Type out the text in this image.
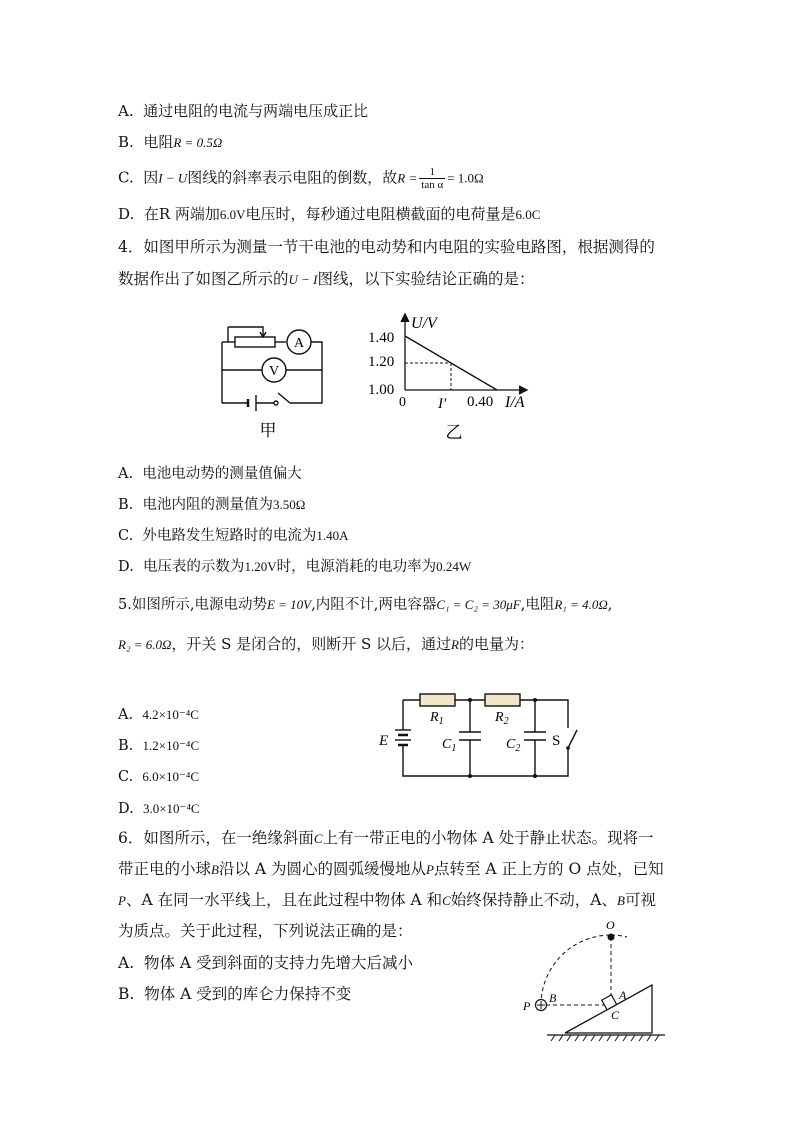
A. 通过电阻的电流与两端电压成正比
B. 电阻R = 0.5Ω
C. 因I − U图线的斜率表示电阻的倒数，故$R = \frac{1}{\text{tan α}} = 1.0\Omega$
D. 在R 两端加6.0V电压时，每秒通过电阻横截面的电荷量是6.0C
4．如图甲所示为测量一节干电池的电动势和内电阻的实验电路图，根据测得的
数据作出了如图乙所示的U − I图线，以下实验结论正确的是：
A
V
甲
U/V
1.40
1.20
1.00
0 I′ 0.40 I/A
乙
A. 电池电动势的测量值偏大
B. 电池内阻的测量值为3.50Ω
C. 外电路发生短路时的电流为1.40A
D. 电压表的示数为1.20V时，电源消耗的电功率为0.24W
5.如图所示,电源电动势E = 10V,内阻不计,两电容器C₁ = C₂ = 30μF,电阻R₁ = 4.0Ω,
R₂ = 6.0Ω，开关 S 是闭合的，则断开 S 以后，通过R的电量为：
A. 4.2×10⁻⁴C
B. 1.2×10⁻⁴C
C. 6.0×10⁻⁴C
D. 3.0×10⁻⁴C
$R_1$	$R_2$
E	$C_1$	$C_2$ S
6．如图所示，在一绝缘斜面C上有一带正电的小物体 A 处于静止状态。现将一
带正电的小球B沿以 A 为圆心的圆弧缓慢地从P点转至 A 正上方的 O 点处，已知
P、A 在同一水平线上，且在此过程中物体 A 和C始终保持静止不动，A、B可视
为质点。关于此过程，下列说法正确的是：
A. 物体 A 受到斜面的支持力先增大后减小
B. 物体 A 受到的库仑力保持不变
O
P
B	A
C
